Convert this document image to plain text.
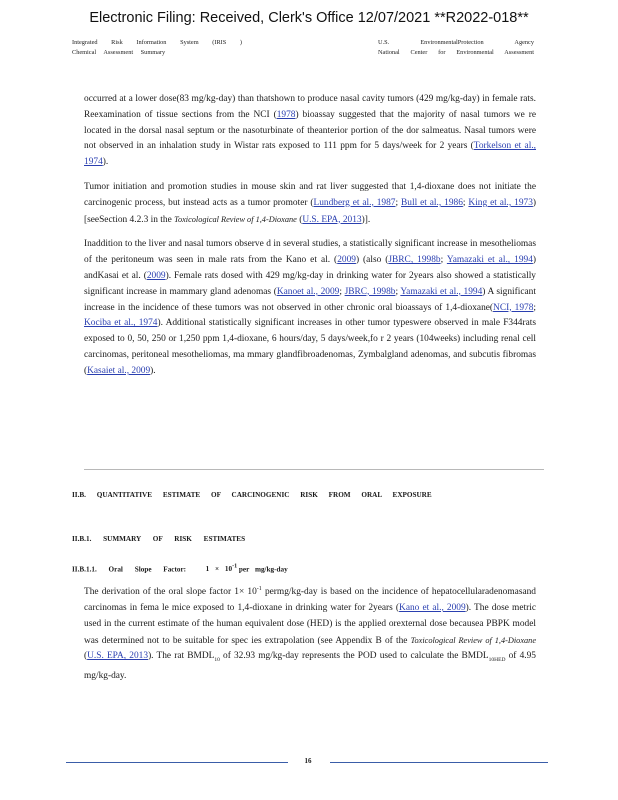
Electronic Filing: Received, Clerk's Office 12/07/2021 **R2022-018**
Integrated Risk Information System (IRIS )
Chemical Assessment Summary
U.S. EnvironmentalProtection Agency
National Center for Environmental Assessment

occurred at a lower dose(83 mg/kg-day) than thatshown to produce nasal cavity tumors (429 mg/kg-day) in female rats. Reexamination of tissue sections from the NCI (1978) bioassay suggested that the majority of nasal tumors we re located in the dorsal nasal septum or the nasoturbinate of theanterior portion of the dor salmeatus. Nasal tumors were not observed in an inhalation study in Wistar rats exposed to 111 ppm for 5 days/week for 2 years (Torkelson et al., 1974).

Tumor initiation and promotion studies in mouse skin and rat liver suggested that 1,4-dioxane does not initiate the carcinogenic process, but instead acts as a tumor promoter (Lundberg et al., 1987; Bull et al., 1986; King et al., 1973) [seeSection 4.2.3 in the Toxicological Review of 1,4-Dioxane (U.S. EPA, 2013)].

Inaddition to the liver and nasal tumors observe d in several studies, a statistically significant increase in mesotheliomas of the peritoneum was seen in male rats from the Kano et al. (2009) (also (JBRC, 1998b; Yamazaki et al., 1994) andKasai et al. (2009). Female rats dosed with 429 mg/kg-day in drinking water for 2years also showed a statistically significant increase in mammary gland adenomas (Kanoet al., 2009; JBRC, 1998b; Yamazaki et al., 1994) A significant increase in the incidence of these tumors was not observed in other chronic oral bioassays of 1,4-dioxane(NCI, 1978; Kociba et al., 1974). Additional statistically significant increases in other tumor typeswere observed in male F344rats exposed to 0, 50, 250 or 1,250 ppm 1,4-dioxane, 6 hours/day, 5 days/week,fo r 2 years (104weeks) including renal cell carcinomas, peritoneal mesotheliomas, ma mmary glandfibroadenomas, Zymbalgland adenomas, and subcutis fibromas (Kasaiet al., 2009).

II.B. QUANTITATIVE ESTIMATE OF CARCINOGENIC RISK FROM ORAL EXPOSURE
II.B.1. SUMMARY OF RISK ESTIMATES
II.B.1.1. Oral Slope Factor:	$1 \times 10^{-1}$ per mg/kg-day

The derivation of the oral slope factor $1\times 10^{-1}$ permg/kg-day is based on the incidence of hepatocellularadenomasand carcinomas in fema le mice exposed to 1,4-dioxane in drinking water for 2years (Kano et al., 2009). The dose metric used in the current estimate of the human equivalent dose (HED) is the applied orexternal dose becausea PBPK model was determined not to be suitable for spec ies extrapolation (see Appendix B of the Toxicological Review of 1,4-Dioxane (U.S. EPA, 2013). The rat $BMDL_{10}$ of 32.93 mg/kg-day represents the POD used to calculate the $BMDL_{10HED}$ of 4.95 mg/kg-day.

16
